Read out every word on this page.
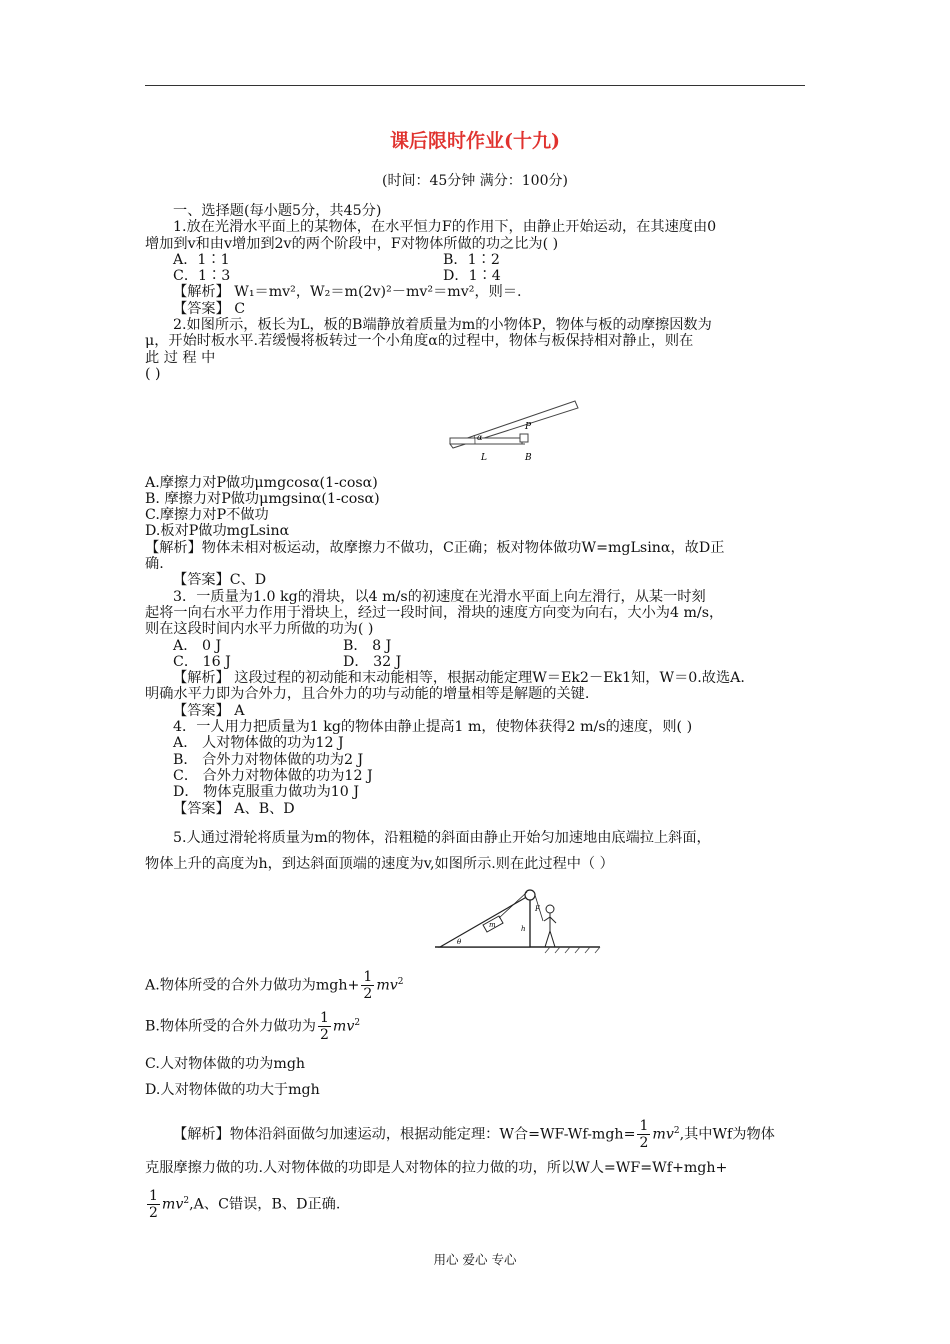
课后限时作业(十九)
(时间：45分钟 满分：100分)

一、选择题(每小题5分，共45分)

1.放在光滑水平面上的某物体，在水平恒力F的作用下，由静止开始运动，在其速度由0

增加到v和由v增加到2v的两个阶段中，F对物体所做的功之比为( )

A．1∶1	B．1∶2
C．1∶3	D．1∶4

【解析】 W₁＝mv²，W₂＝m(2v)²－mv²＝mv²，则＝.

【答案】 C

2.如图所示，板长为L，板的B端静放着质量为m的小物体P，物体与板的动摩擦因数为

μ，开始时板水平.若缓慢将板转过一个小角度α的过程中，物体与板保持相对静止，则在

此 过 程 中

( )

α
P
L	B

A.摩擦力对P做功μmgcosα(1-cosα)

B. 摩擦力对P做功μmgsinα(1-cosα)

C.摩擦力对P不做功

D.板对P做功mgLsinα

【解析】物体未相对板运动，故摩擦力不做功，C正确；板对物体做功W=mgLsinα，故D正

确.

【答案】C、D

3．一质量为1.0 kg的滑块，以4 m/s的初速度在光滑水平面上向左滑行，从某一时刻

起将一向右水平力作用于滑块上，经过一段时间，滑块的速度方向变为向右，大小为4 m/s，

则在这段时间内水平力所做的功为( )

A． 0 J	B． 8 J
C． 16 J	D． 32 J

【解析】 这段过程的初动能和末动能相等，根据动能定理W＝Ek2－Ek1知，W＝0.故选A.

明确水平力即为合外力，且合外力的功与动能的增量相等是解题的关键.

【答案】 A

4．一人用力把质量为1 kg的物体由静止提高1 m，使物体获得2 m/s的速度，则( )

A． 人对物体做的功为12 J

B． 合外力对物体做的功为2 J

C． 合外力对物体做的功为12 J

D． 物体克服重力做功为10 J

【答案】 A、B、D

5.人通过滑轮将质量为m的物体，沿粗糙的斜面由静止开始匀加速地由底端拉上斜面，

物体上升的高度为h，到达斜面顶端的速度为v,如图所示.则在此过程中（ ）

m
F
h
θ

A.物体所受的合外力做功为$mgh+ \frac{1}{2} mv^2$

B.物体所受的合外力做功为 $\frac{1}{2} mv^2$

C.人对物体做的功为mgh

D.人对物体做的功大于mgh

【解析】物体沿斜面做匀加速运动，根据动能定理：W合$=WF-Wf-mgh= \frac{1}{2} mv^2$,其中Wf为物体

克服摩擦力做的功.人对物体做的功即是人对物体的拉力做的功，所以W人=WF=Wf+mgh+

$\frac{1}{2} mv^2,A$、C错误，B、D正确.

用心 爱心 专心
